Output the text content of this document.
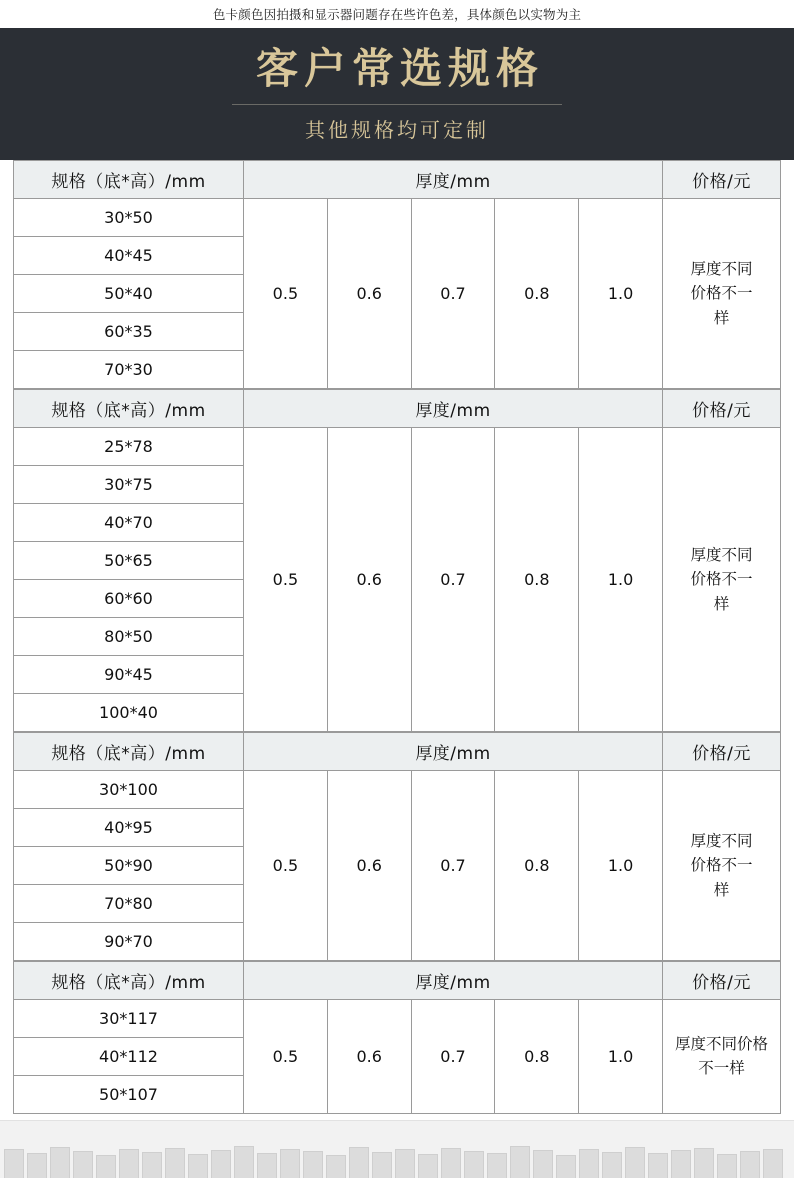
色卡颜色因拍摄和显示器问题存在些许色差，具体颜色以实物为主
客户常选规格
其他规格均可定制
规格（底*高）/mm	厚度/mm					价格/元
30*50	0.5	0.6	0.7	0.8	1.0	厚度不同
价格不一
样

40*45						
50*40						
60*35						
70*30						
规格（底*高）/mm	厚度/mm					价格/元
25*78	0.5	0.6	0.7	0.8	1.0	厚度不同
价格不一
样

30*75						
40*70						
50*65						
60*60						
80*50						
90*45						
100*40						
规格（底*高）/mm	厚度/mm					价格/元
30*100	0.5	0.6	0.7	0.8	1.0	厚度不同
价格不一
样

40*95						
50*90						
70*80						
90*70						
规格（底*高）/mm	厚度/mm					价格/元
30*117	0.5	0.6	0.7	0.8	1.0	厚度不同价格不一样
40*112						
50*107						
